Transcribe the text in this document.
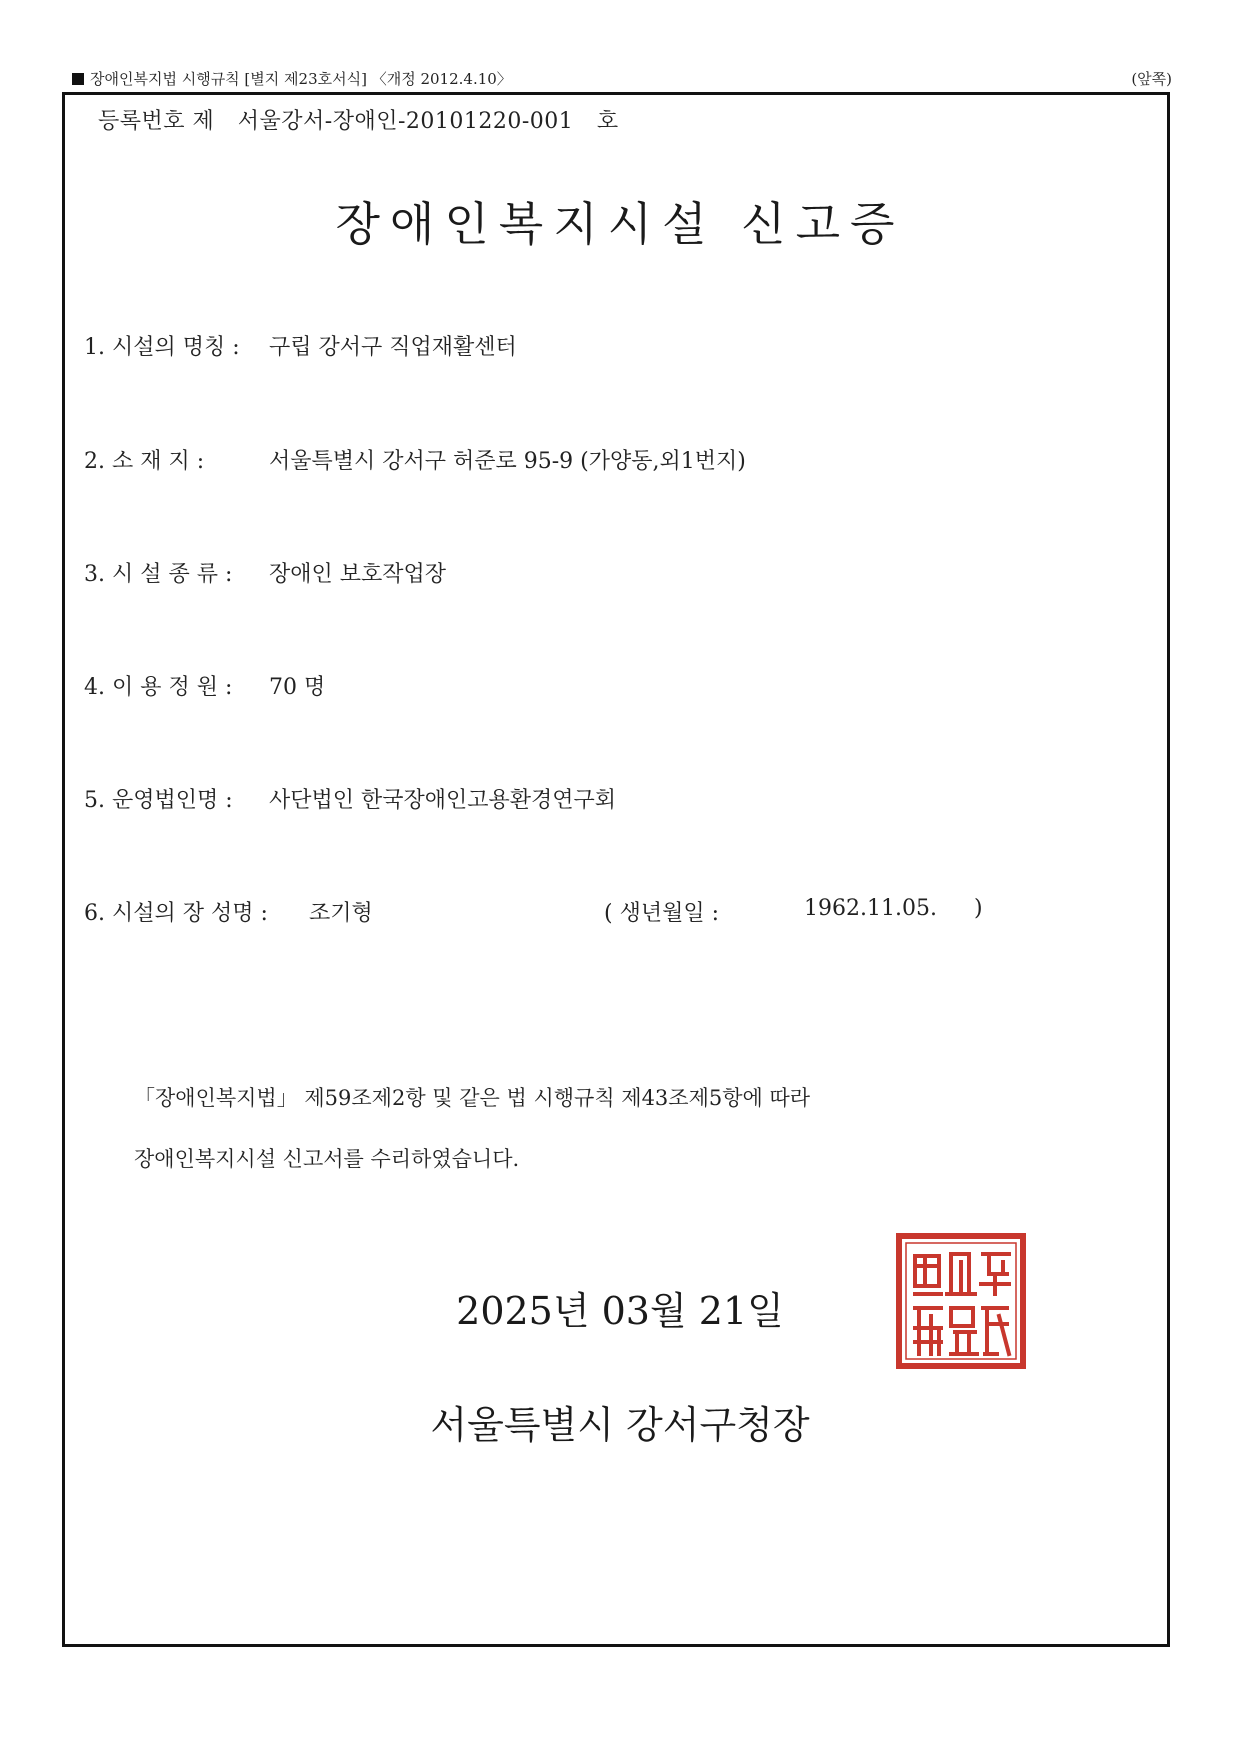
장애인복지법 시행규칙 [별지 제23호서식] 〈개정 2012.4.10〉	(앞쪽)
등록번호 제 서울강서-장애인-20101220-001 호
장애인복지시설 신고증
1. 시설의 명칭 : 구립 강서구 직업재활센터
2. 소 재 지 :	서울특별시 강서구 허준로 95-9 (가양동,외1번지)
3. 시 설 종 류 : 장애인 보호작업장
4. 이 용 정 원 : 70 명
5. 운영법인명 : 사단법인 한국장애인고용환경연구회
6. 시설의 장 성명 : 조기형	( 생년월일 :	1962.11.05. )
「장애인복지법」 제59조제2항 및 같은 법 시행규칙 제43조제5항에 따라
장애인복지시설 신고서를 수리하였습니다.
2025년 03월 21일
서울특별시 강서구청장
